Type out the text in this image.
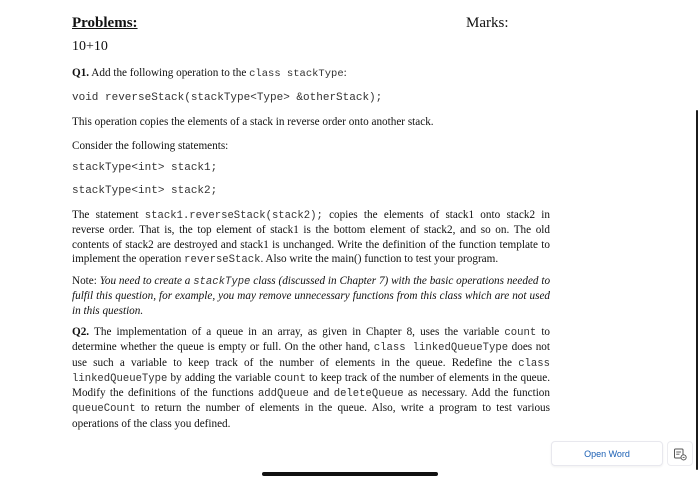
Problems:	Marks:
10+10
Q1. Add the following operation to the class stackType:
void reverseStack(stackType<Type> &otherStack);
This operation copies the elements of a stack in reverse order onto another stack.
Consider the following statements:
stackType<int> stack1;
stackType<int> stack2;
The statement stack1.reverseStack(stack2); copies the elements of stack1 onto stack2 in reverse order. That is, the top element of stack1 is the bottom element of stack2, and so on. The old contents of stack2 are destroyed and stack1 is unchanged. Write the definition of the function template to implement the operation reverseStack. Also write the main() function to test your program.
Note: You need to create a stackType class (discussed in Chapter 7) with the basic operations needed to fulfil this question, for example, you may remove unnecessary functions from this class which are not used in this question.
Q2. The implementation of a queue in an array, as given in Chapter 8, uses the variable count to determine whether the queue is empty or full. On the other hand, class linkedQueueType does not use such a variable to keep track of the number of elements in the queue. Redefine the class linkedQueueType by adding the variable count to keep track of the number of elements in the queue. Modify the definitions of the functions addQueue and deleteQueue as necessary. Add the function queueCount to return the number of elements in the queue. Also, write a program to test various operations of the class you defined.
Open Word
